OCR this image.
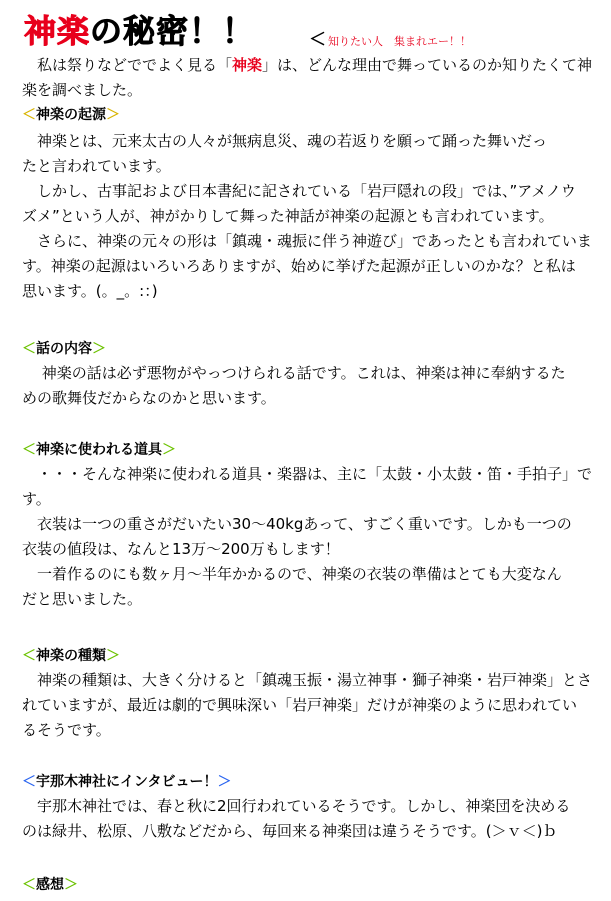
神楽の秘密！！	＜ 知りたい人　集まれエー！！
　私は祭りなどででよく見る「神楽」は、どんな理由で舞っているのか知りたくて神
楽を調べました。
＜神楽の起源＞
　神楽とは、元来太古の人々が無病息災、魂の若返りを願って踊った舞いだっ
たと言われています。
　しかし、古事記および日本書紀に記されている「岩戸隠れの段」では、”アメノウ
ズメ”という人が、神がかりして舞った神話が神楽の起源とも言われています。
　さらに、神楽の元々の形は「鎮魂・魂振に伴う神遊び」であったとも言われていま
す。神楽の起源はいろいろありますが、始めに挙げた起源が正しいのかな？と私は
思います。(。_。:：)
＜話の内容＞
　 神楽の話は必ず悪物がやっつけられる話です。これは、神楽は神に奉納するた
めの歌舞伎だからなのかと思います。
＜神楽に使われる道具＞
　・・・そんな神楽に使われる道具・楽器は、主に「太鼓・小太鼓・笛・手拍子」で
す。
　衣装は一つの重さがだいたい30～40kgあって、すごく重いです。しかも一つの
衣装の値段は、なんと13万～200万もします！
　一着作るのにも数ヶ月～半年かかるので、神楽の衣装の準備はとても大変なん
だと思いました。
＜神楽の種類＞
　神楽の種類は、大きく分けると「鎮魂玉振・湯立神事・獅子神楽・岩戸神楽」とさ
れていますが、最近は劇的で興味深い「岩戸神楽」だけが神楽のように思われてい
るそうです。
＜宇那木神社にインタビュー！＞
　宇那木神社では、春と秋に2回行われているそうです。しかし、神楽団を決める
のは緑井、松原、八敷などだから、毎回来る神楽団は違うそうです。(＞ｖ＜)ｂ
＜感想＞
